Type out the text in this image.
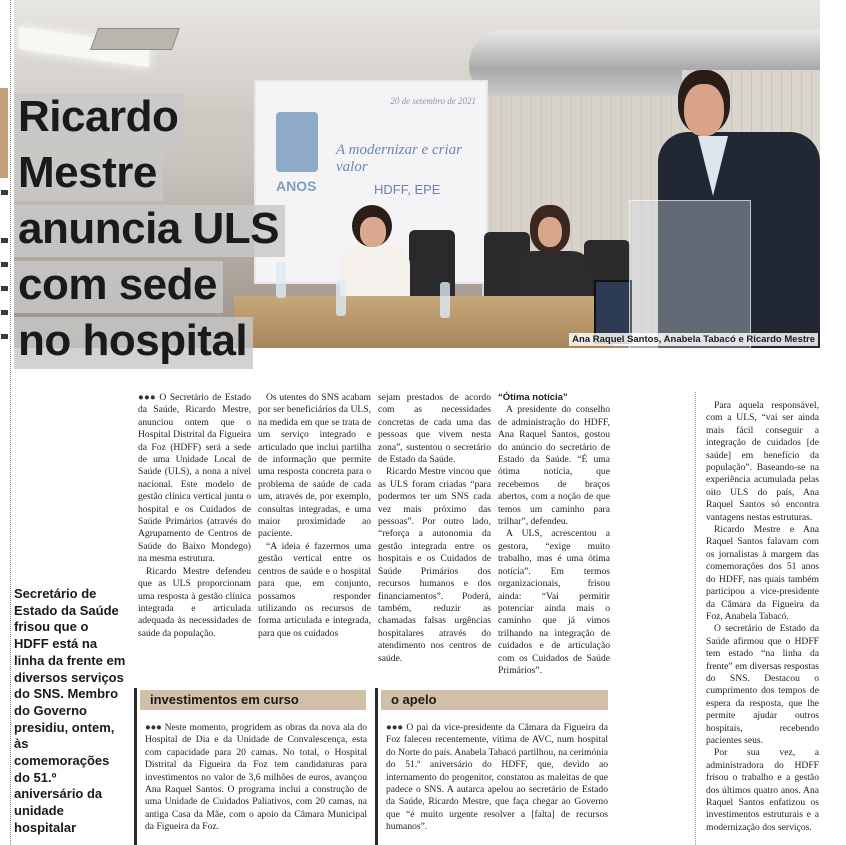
20 de setembro de 2021
ANOS
A modernizar e criar valor
HDFF, EPE
Ana Raquel Santos, Anabela Tabacó e Ricardo Mestre
Ricardo
Mestre
anuncia ULS
com sede
no hospital
Secretário de Estado da Saúde frisou que o HDFF está na linha da frente em diversos serviços do SNS. Membro do Governo presidiu, ontem, às comemorações do 51.º aniversário da unidade hospitalar

●●● O Secretário de Estado da Saúde, Ricardo Mestre, anunciou ontem que o Hospital Distrital da Figueira da Foz (HDFF) será a sede de uma Unidade Local de Saúde (ULS), a nona a nível nacional. Este modelo de gestão clínica vertical junta o hospital e os Cuidados de Saúde Primários (através do Agrupamento de Centros de Saúde do Baixo Mondego) na mesma estrutura.

Ricardo Mestre defendeu que as ULS proporcionam uma resposta à gestão clínica integrada e articulada adequada às necessidades de saúde da população.

Os utentes do SNS acabam por ser beneficiários da ULS, na medida em que se trata de um serviço integrado e articulado que inclui partilha de informação que permite uma resposta concreta para o problema de saúde de cada um, através de, por exemplo, consultas integradas, e uma maior proximidade ao paciente.

“A ideia é fazermos uma gestão vertical entre os centros de saúde e o hospital para que, em conjunto, possamos responder utilizando os recursos de forma articulada e integrada, para que os cuidados

sejam prestados de acordo com as necessidades concretas de cada uma das pessoas que vivem nesta zona”, sustentou o secretário de Estado da Saúde.

Ricardo Mestre vincou que as ULS foram criadas “para podermos ter um SNS cada vez mais próximo das pessoas”. Por outro lado, “reforça a autonomia da gestão integrada entre os hospitais e os Cuidados de Saúde Primários dos recursos humanos e dos financiamentos”. Poderá, também, reduzir as chamadas falsas urgências hospitalares através do atendimento nos centros de saúde.

“Ótima notícia”

A presidente do conselho de administração do HDFF, Ana Raquel Santos, gostou do anúncio do secretário de Estado da Saúde. “É uma ótima notícia, que recebemos de braços abertos, com a noção de que temos um caminho para trilhar”, defendeu.

A ULS, acrescentou a gestora, “exige muito trabalho, mas é uma ótima notícia”. Em termos organizacionais, frisou ainda: “Vai permitir potenciar ainda mais o caminho que já vimos trilhando na integração de cuidados e de articulação com os Cuidados de Saúde Primários”.

Para aquela responsável, com a ULS, “vai ser ainda mais fácil conseguir a integração de cuidados [de saúde] em benefício da população”. Baseando-se na experiência acumulada pelas oito ULS do país, Ana Raquel Santos só encontra vantagens nestas estruturas.

Ricardo Mestre e Ana Raquel Santos falavam com os jornalistas à margem das comemorações dos 51 anos do HDFF, nas quais também participou a vice-presidente da Câmara da Figueira da Foz, Anabela Tabacó.

O secretário de Estado da Saúde afirmou que o HDFF tem estado “na linha da frente” em diversas respostas do SNS. Destacou o cumprimento dos tempos de espera da resposta, que lhe permite ajudar outros hospitais, recebendo pacientes seus.

Por sua vez, a administradora do HDFF frisou o trabalho e a gestão dos últimos quatro anos. Ana Raquel Santos enfatizou os investimentos estruturais e a modernização dos serviços.

investimentos em curso

●●● Neste momento, progridem as obras da nova ala do Hospital de Dia e da Unidade de Convalescença, esta com capacidade para 20 camas. No total, o Hospital Distrital da Figueira da Foz tem candidaturas para investimentos no valor de 3,6 milhões de euros, avançou Ana Raquel Santos. O programa inclui a construção de uma Unidade de Cuidados Paliativos, com 20 camas, na antiga Casa da Mãe, com o apoio da Câmara Municipal da Figueira da Foz.

o apelo

●●● O pai da vice-presidente da Câmara da Figueira da Foz faleceu recentemente, vítima de AVC, num hospital do Norte do país. Anabela Tabacó partilhou, na cerimónia do 51.º aniversário do HDFF, que, devido ao internamento do progenitor, constatou as maleitas de que padece o SNS. A autarca apelou ao secretário de Estado da Saúde, Ricardo Mestre, que faça chegar ao Governo que “é muito urgente resolver a [falta] de recursos humanos”.
